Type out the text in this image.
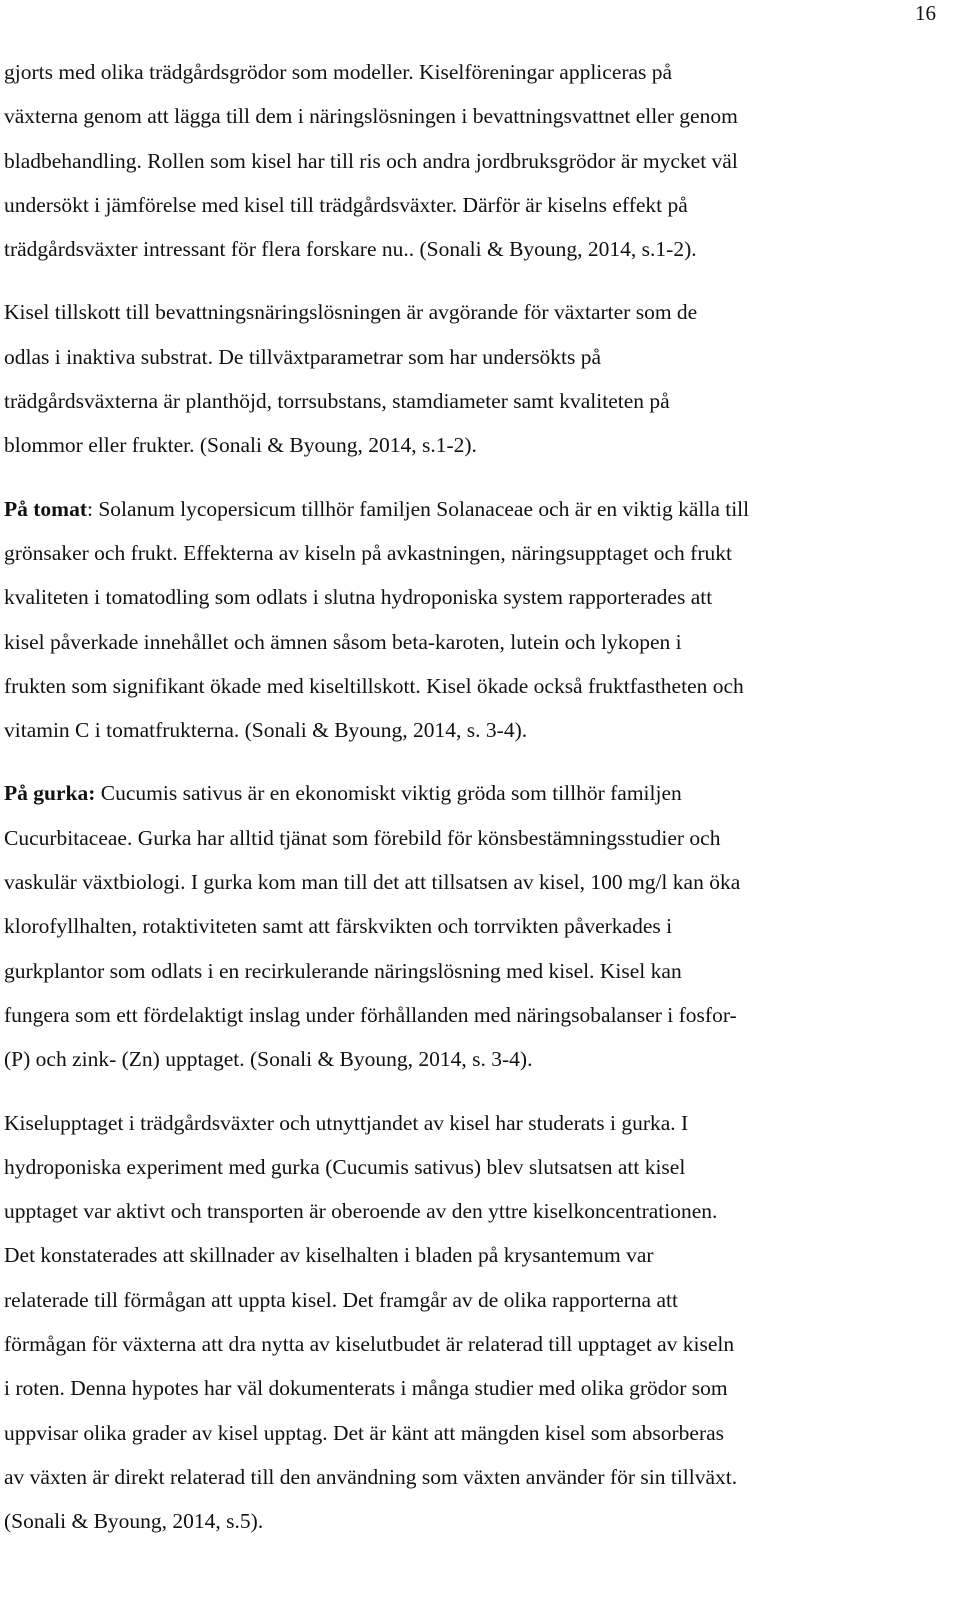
16
gjorts med olika trädgårdsgrödor som modeller. Kiselföreningar appliceras på
växterna genom att lägga till dem i näringslösningen i bevattningsvattnet eller genom
bladbehandling. Rollen som kisel har till ris och andra jordbruksgrödor är mycket väl
undersökt i jämförelse med kisel till trädgårdsväxter. Därför är kiselns effekt på
trädgårdsväxter intressant för flera forskare nu.. (Sonali & Byoung, 2014, s.1-2).
Kisel tillskott till bevattningsnäringslösningen är avgörande för växtarter som de
odlas i inaktiva substrat. De tillväxtparametrar som har undersökts på
trädgårdsväxterna är planthöjd, torrsubstans, stamdiameter samt kvaliteten på
blommor eller frukter. (Sonali & Byoung, 2014, s.1-2).
På tomat: Solanum lycopersicum tillhör familjen Solanaceae och är en viktig källa till
grönsaker och frukt. Effekterna av kiseln på avkastningen, näringsupptaget och frukt
kvaliteten i tomatodling som odlats i slutna hydroponiska system rapporterades att
kisel påverkade innehållet och ämnen såsom beta-karoten, lutein och lykopen i
frukten som signifikant ökade med kiseltillskott. Kisel ökade också fruktfastheten och
vitamin C i tomatfrukterna. (Sonali & Byoung, 2014, s. 3-4).
På gurka: Cucumis sativus är en ekonomiskt viktig gröda som tillhör familjen
Cucurbitaceae. Gurka har alltid tjänat som förebild för könsbestämningsstudier och
vaskulär växtbiologi. I gurka kom man till det att tillsatsen av kisel, 100 mg/l kan öka
klorofyllhalten, rotaktiviteten samt att färskvikten och torrvikten påverkades i
gurkplantor som odlats i en recirkulerande näringslösning med kisel. Kisel kan
fungera som ett fördelaktigt inslag under förhållanden med näringsobalanser i fosfor-
(P) och zink- (Zn) upptaget. (Sonali & Byoung, 2014, s. 3-4).
Kiselupptaget i trädgårdsväxter och utnyttjandet av kisel har studerats i gurka. I
hydroponiska experiment med gurka (Cucumis sativus) blev slutsatsen att kisel
upptaget var aktivt och transporten är oberoende av den yttre kiselkoncentrationen.
Det konstaterades att skillnader av kiselhalten i bladen på krysantemum var
relaterade till förmågan att uppta kisel. Det framgår av de olika rapporterna att
förmågan för växterna att dra nytta av kiselutbudet är relaterad till upptaget av kiseln
i roten. Denna hypotes har väl dokumenterats i många studier med olika grödor som
uppvisar olika grader av kisel upptag. Det är känt att mängden kisel som absorberas
av växten är direkt relaterad till den användning som växten använder för sin tillväxt.
(Sonali & Byoung, 2014, s.5).
